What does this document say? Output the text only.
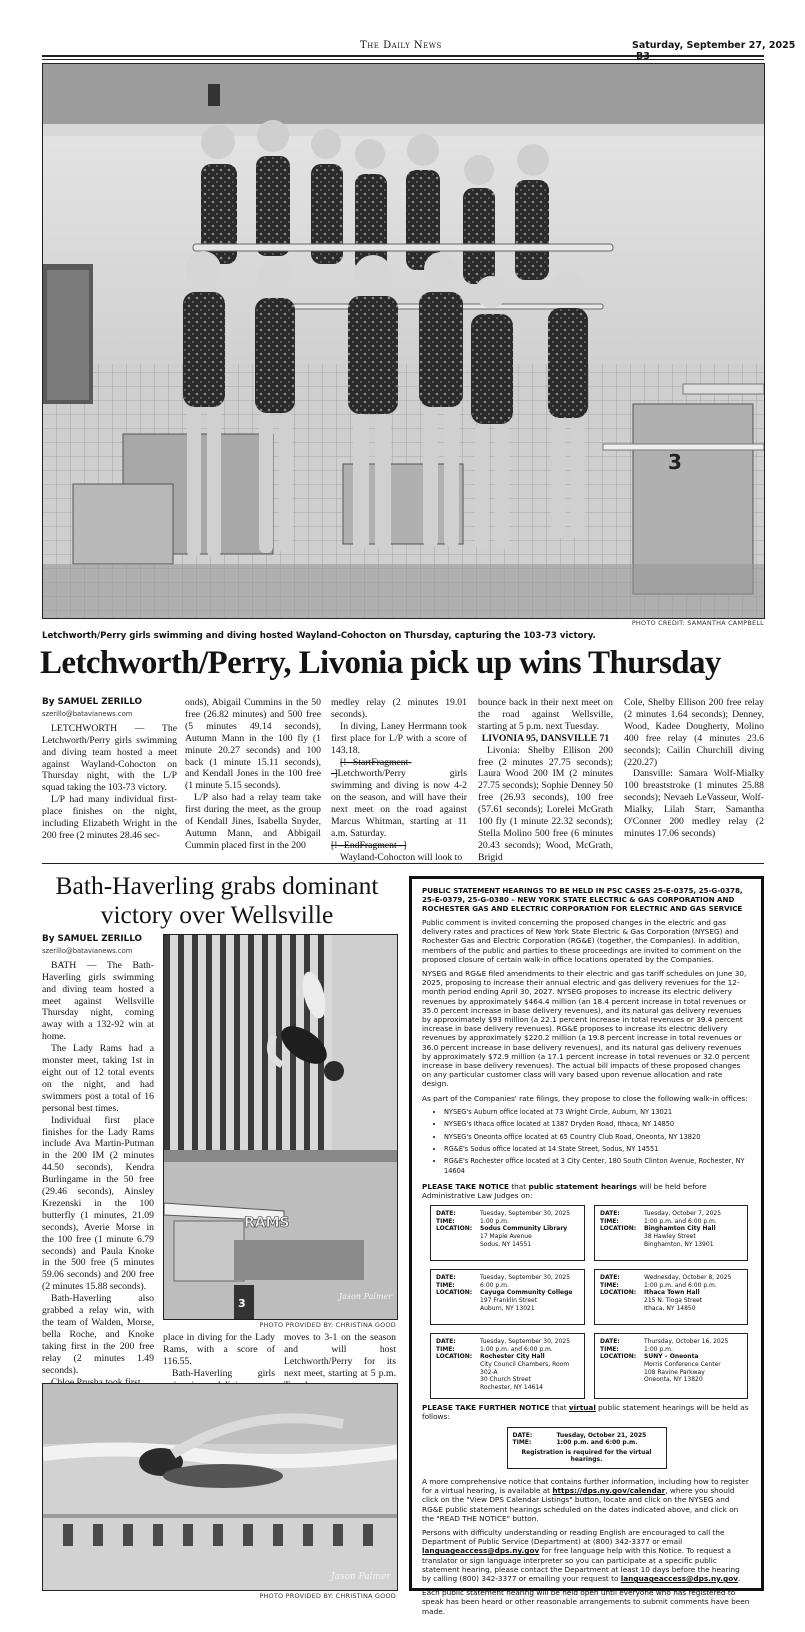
The Daily News	Saturday, September 27, 2025
3
PHOTO CREDIT: SAMANTHA CAMPBELL
Letchworth/Perry girls swimming and diving hosted Wayland-Cohocton on Thursday, capturing the 103-73 victory.
Letchworth/Perry, Livonia pick up wins Thursday
By SAMUEL ZERILLO
szerillo@batavianews.com

LETCHWORTH — The Letchworth/Perry girls swimming and diving team hosted a meet against Wayland-Cohocton on Thursday night, with the L/P squad taking the 103-73 victory.

L/P had many individual first-place finishes on the night, including Elizabeth Wright in the 200 free (2 minutes 28.46 sec-

onds), Abigail Cummins in the 50 free (26.82 minutes) and 500 free (5 minutes 49.14 seconds), Autumn Mann in the 100 fly (1 minute 20.27 seconds) and 100 back (1 minute 15.11 seconds), and Kendall Jones in the 100 free (1 minute 5.15 seconds).

L/P also had a relay team take first during the meet, as the group of Kendall Jines, Isabella Snyder, Autumn Mann, and Abbigail Cummin placed first in the 200

medley relay (2 minutes 19.01 seconds).

In diving, Laney Herrmann took first place for L/P with a score of 143.18.

[!--StartFragment--]Letchworth/Perry girls swimming and diving is now 4-2 on the season, and will have their next meet on the road against Marcus Whitman, starting at 11 a.m. Saturday.
[!--EndFragment--]

Wayland-Cohocton will look to

bounce back in their next meet on the road against Wellsville, starting at 5 p.m. next Tuesday.

LIVONIA 95, DANSVILLE 71

Livonia: Shelby Ellison 200 free (2 minutes 27.75 seconds); Laura Wood 200 IM (2 minutes 27.75 seconds); Sophie Denney 50 free (26.93 seconds), 100 free (57.61 seconds); Lorelei McGrath 100 fly (1 minute 22.32 seconds); Stella Molino 500 free (6 minutes 20.43 seconds); Wood, McGrath, Brigid

Cole, Shelby Ellison 200 free relay (2 minutes 1.64 seconds); Denney, Wood, Kadee Dougherty, Molino 400 free relay (4 minutes 23.6 seconds); Cailin Churchill diving (220.27)

Dansville: Samara Wolf-Mialky 100 breaststroke (1 minutes 25.88 seconds); Nevaeh LeVasseur, Wolf-Mialky, Lilah Starr, Samantha O'Conner 200 medley relay (2 minutes 17.06 seconds)

Bath-Haverling grabs dominant victory over Wellsville
By SAMUEL ZERILLO
szerillo@batavianews.com

BATH — The Bath-Haverling girls swimming and diving team hosted a meet against Wellsville Thursday night, coming away with a 132-92 win at home.

The Lady Rams had a monster meet, taking 1st in eight out of 12 total events on the night, and had swimmers post a total of 16 personal best times.

Individual first place finishes for the Lady Rams include Ava Martin-Putman in the 200 IM (2 minutes 44.50 seconds), Kendra Burlingame in the 50 free (29.46 seconds), Ainsley Krezenski in the 100 butterfly (1 minutes, 21.09 seconds), Averie Morse in the 100 free (1 minute 6.79 seconds) and Paula Knoke in the 500 free (5 minutes 59.06 seconds) and 200 free (2 minutes 15.88 seconds).

Bath-Haverling also grabbed a relay win, with the team of Walden, Morse, bella Roche, and Knoke taking first in the 200 free relay (2 minutes 1.49 seconds).

RAMS
3
Jason Palmer
PHOTO PROVIDED BY: CHRISTINA GOOD

place in diving for the Lady Rams, with a score of 116.55.

Bath-Haverling girls

moves to 3-1 on the season and will host Letchworth/Perry for its next meet, starting at 5 p.m.

Jason Palmer
PHOTO PROVIDED BY: CHRISTINA GOOD

PUBLIC STATEMENT HEARINGS TO BE HELD IN PSC CASES 25-E-0375, 25-G-0378, 25-E-0379, 25-G-0380 – NEW YORK STATE ELECTRIC & GAS CORPORATION AND ROCHESTER GAS AND ELECTRIC CORPORATION FOR ELECTRIC AND GAS SERVICE

Public comment is invited concerning the proposed changes in the electric and gas delivery rates and practices of New York State Electric & Gas Corporation (NYSEG) and Rochester Gas and Electric Corporation (RG&E) (together, the Companies). In addition, members of the public and parties to these proceedings are invited to comment on the proposed closure of certain walk-in office locations operated by the Companies.

NYSEG and RG&E filed amendments to their electric and gas tariff schedules on June 30, 2025, proposing to increase their annual electric and gas delivery revenues for the 12-month period ending April 30, 2027. NYSEG proposes to increase its electric delivery revenues by approximately $464.4 million (an 18.4 percent increase in total revenues or 35.0 percent increase in base delivery revenues), and its natural gas delivery revenues by approximately $93 million (a 22.1 percent increase in total revenues or 39.4 percent increase in base delivery revenues). RG&E proposes to increase its electric delivery revenues by approximately $220.2 million (a 19.8 percent increase in total revenues or 36.0 percent increase in base delivery revenues), and its natural gas delivery revenues by approximately $72.9 million (a 17.1 percent increase in total revenues or 32.0 percent increase in base delivery revenues). The actual bill impacts of these proposed changes on any particular customer class will vary based upon revenue allocation and rate design.

As part of the Companies' rate filings, they propose to close the following walk-in offices:

• NYSEG's Auburn office located at 73 Wright Circle, Auburn, NY 13021
• NYSEG's Ithaca office located at 1387 Dryden Road, Ithaca, NY 14850
• NYSEG's Oneonta office located at 65 Country Club Road, Oneonta, NY 13820
• RG&E's Sodus office located at 14 State Street, Sodus, NY 14551
• RG&E's Rochester office located at 3 City Center, 180 South Clinton Avenue, Rochester, NY 14604

PLEASE TAKE NOTICE that public statement hearings will be held before Administrative Law Judges on:

DATE:	Tuesday, September 30, 2025
TIME:	1:00 p.m.
LOCATION:	Sodus Community Library
17 Maple Avenue
Sodus, NY 14551
DATE:	Tuesday, October 7, 2025
TIME:	1:00 p.m. and 6:00 p.m.
LOCATION:	Binghamton City Hall
38 Hawley Street
Binghamton, NY 13901
DATE:	Tuesday, September 30, 2025
TIME:	6:00 p.m.
LOCATION:	Cayuga Community College
197 Franklin Street
Auburn, NY 13021
DATE:	Wednesday, October 8, 2025
TIME:	1:00 p.m. and 6:00 p.m.
LOCATION:	Ithaca Town Hall
215 N. Tioga Street
Ithaca, NY 14850
DATE:	Tuesday, September 30, 2025
TIME:	1:00 p.m. and 6:00 p.m.
LOCATION:	Rochester City Hall
City Council Chambers, Room 302-A
30 Church Street
Rochester, NY 14614
DATE:	Thursday, October 16, 2025
TIME:	1:00 p.m.
LOCATION:	SUNY – Oneonta
Morris Conference Center
108 Ravine Parkway
Oneonta, NY 13820

PLEASE TAKE FURTHER NOTICE that virtual public statement hearings will be held as follows:

DATE:	Tuesday, October 21, 2025
TIME:	1:00 p.m. and 6:00 p.m.
Registration is required for the virtual hearings.

A more comprehensive notice that contains further information, including how to register for a virtual hearing, is available at https://dps.ny.gov/calendar, where you should click on the "View DPS Calendar Listings" button, locate and click on the NYSEG and RG&E public statement hearings scheduled on the dates indicated above, and click on the "READ THE NOTICE" button.

Persons with difficulty understanding or reading English are encouraged to call the Department of Public Service (Department) at (800) 342-3377 or email languageaccess@dps.ny.gov for free language help with this Notice. To request a translator or sign language interpreter so you can participate at a specific public statement hearing, please contact the Department at least 10 days before the hearing by calling (800) 342-3377 or emailing your request to languageaccess@dps.ny.gov.

Each public statement hearing will be held open until everyone who has registered to speak has been heard or other reasonable arrangements to submit comments have been made.
